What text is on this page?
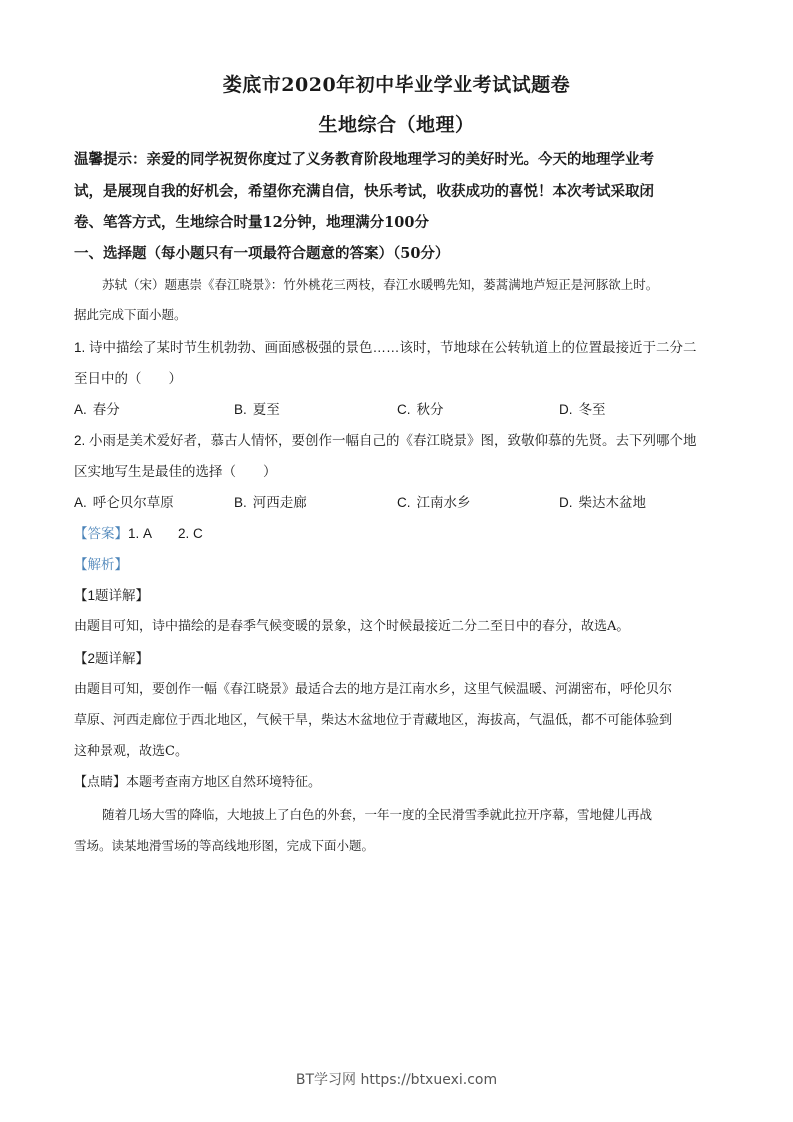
娄底市2020年初中毕业学业考试试题卷
生地综合（地理）
温馨提示：亲爱的同学祝贺你度过了义务教育阶段地理学习的美好时光。今天的地理学业考
试，是展现自我的好机会，希望你充满自信，快乐考试，收获成功的喜悦！本次考试采取闭
卷、笔答方式，生地综合时量12分钟，地理满分100分
一、选择题（每小题只有一项最符合题意的答案）（50分）
苏轼（宋）题惠崇《春江晓景》：竹外桃花三两枝，春江水暖鸭先知，蒌蒿满地芦短正是河豚欲上时。
据此完成下面小题。
1. 诗中描绘了某时节生机勃勃、画面感极强的景色……该时，节地球在公转轨道上的位置最接近于二分二
至日中的（　　）
A. 春分	B. 夏至	C. 秋分	D. 冬至
2. 小雨是美术爱好者，慕古人情怀，要创作一幅自己的《春江晓景》图，致敬仰慕的先贤。去下列哪个地
区实地写生是最佳的选择（　　）
A. 呼仑贝尔草原	B. 河西走廊	C. 江南水乡	D. 柴达木盆地
【答案】1. A 2. C
【解析】
【1题详解】
由题目可知，诗中描绘的是春季气候变暖的景象，这个时候最接近二分二至日中的春分，故选A。
【2题详解】
由题目可知，要创作一幅《春江晓景》最适合去的地方是江南水乡，这里气候温暖、河湖密布，呼伦贝尔
草原、河西走廊位于西北地区，气候干旱，柴达木盆地位于青藏地区，海拔高，气温低，都不可能体验到
这种景观，故选C。
【点睛】本题考查南方地区自然环境特征。
随着几场大雪的降临，大地披上了白色的外套，一年一度的全民滑雪季就此拉开序幕，雪地健儿再战
雪场。读某地滑雪场的等高线地形图，完成下面小题。
BT学习网 https://btxuexi.com
